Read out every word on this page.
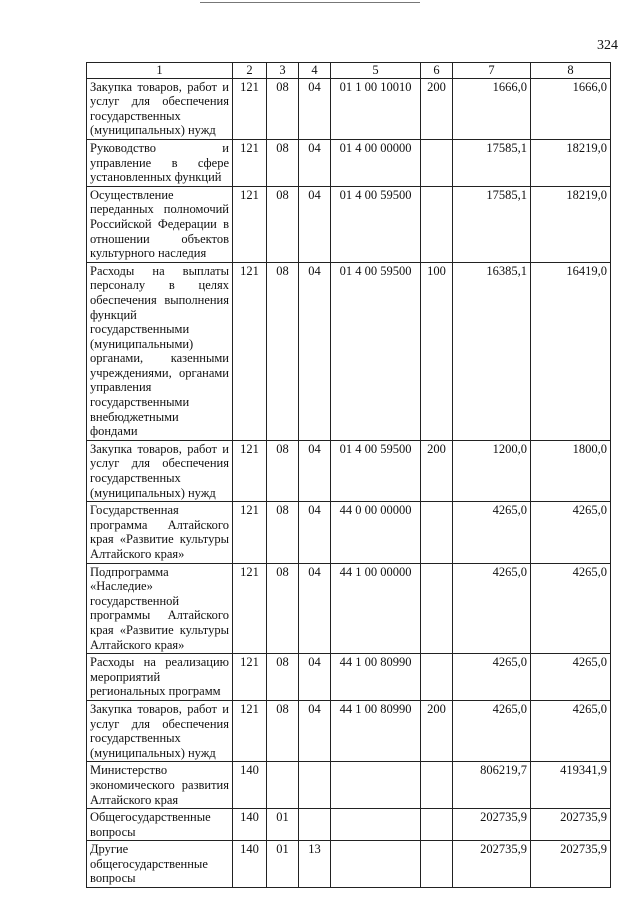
324
1	2	3	4	5	6	7	8
Закупка товаров, работ и услуг для обеспечения государственных (муниципальных) нужд	121	08	04	01 1 00 10010	200	1666,0	1666,0
Руководство и управление в сфере установленных функций	121	08	04	01 4 00 00000		17585,1	18219,0
Осуществление переданных полномочий Российской Федерации в отношении объектов культурного наследия	121	08	04	01 4 00 59500		17585,1	18219,0
Расходы на выплаты персоналу в целях обеспечения выполнения функций государственными (муниципальными) органами, казенными учреждениями, органами управления государственными внебюджетными фондами	121	08	04	01 4 00 59500	100	16385,1	16419,0
Закупка товаров, работ и услуг для обеспечения государственных (муниципальных) нужд	121	08	04	01 4 00 59500	200	1200,0	1800,0
Государственная программа Алтайского края «Развитие культуры Алтайского края»	121	08	04	44 0 00 00000		4265,0	4265,0
Подпрограмма «Наследие» государственной программы Алтайского края «Развитие культуры Алтайского края»	121	08	04	44 1 00 00000		4265,0	4265,0
Расходы на реализацию мероприятий региональных программ	121	08	04	44 1 00 80990		4265,0	4265,0
Закупка товаров, работ и услуг для обеспечения государственных (муниципальных) нужд	121	08	04	44 1 00 80990	200	4265,0	4265,0
Министерство экономического развития Алтайского края	140					806219,7	419341,9
Общегосударственные вопросы	140	01				202735,9	202735,9
Другие общегосударственные вопросы	140	01	13			202735,9	202735,9
